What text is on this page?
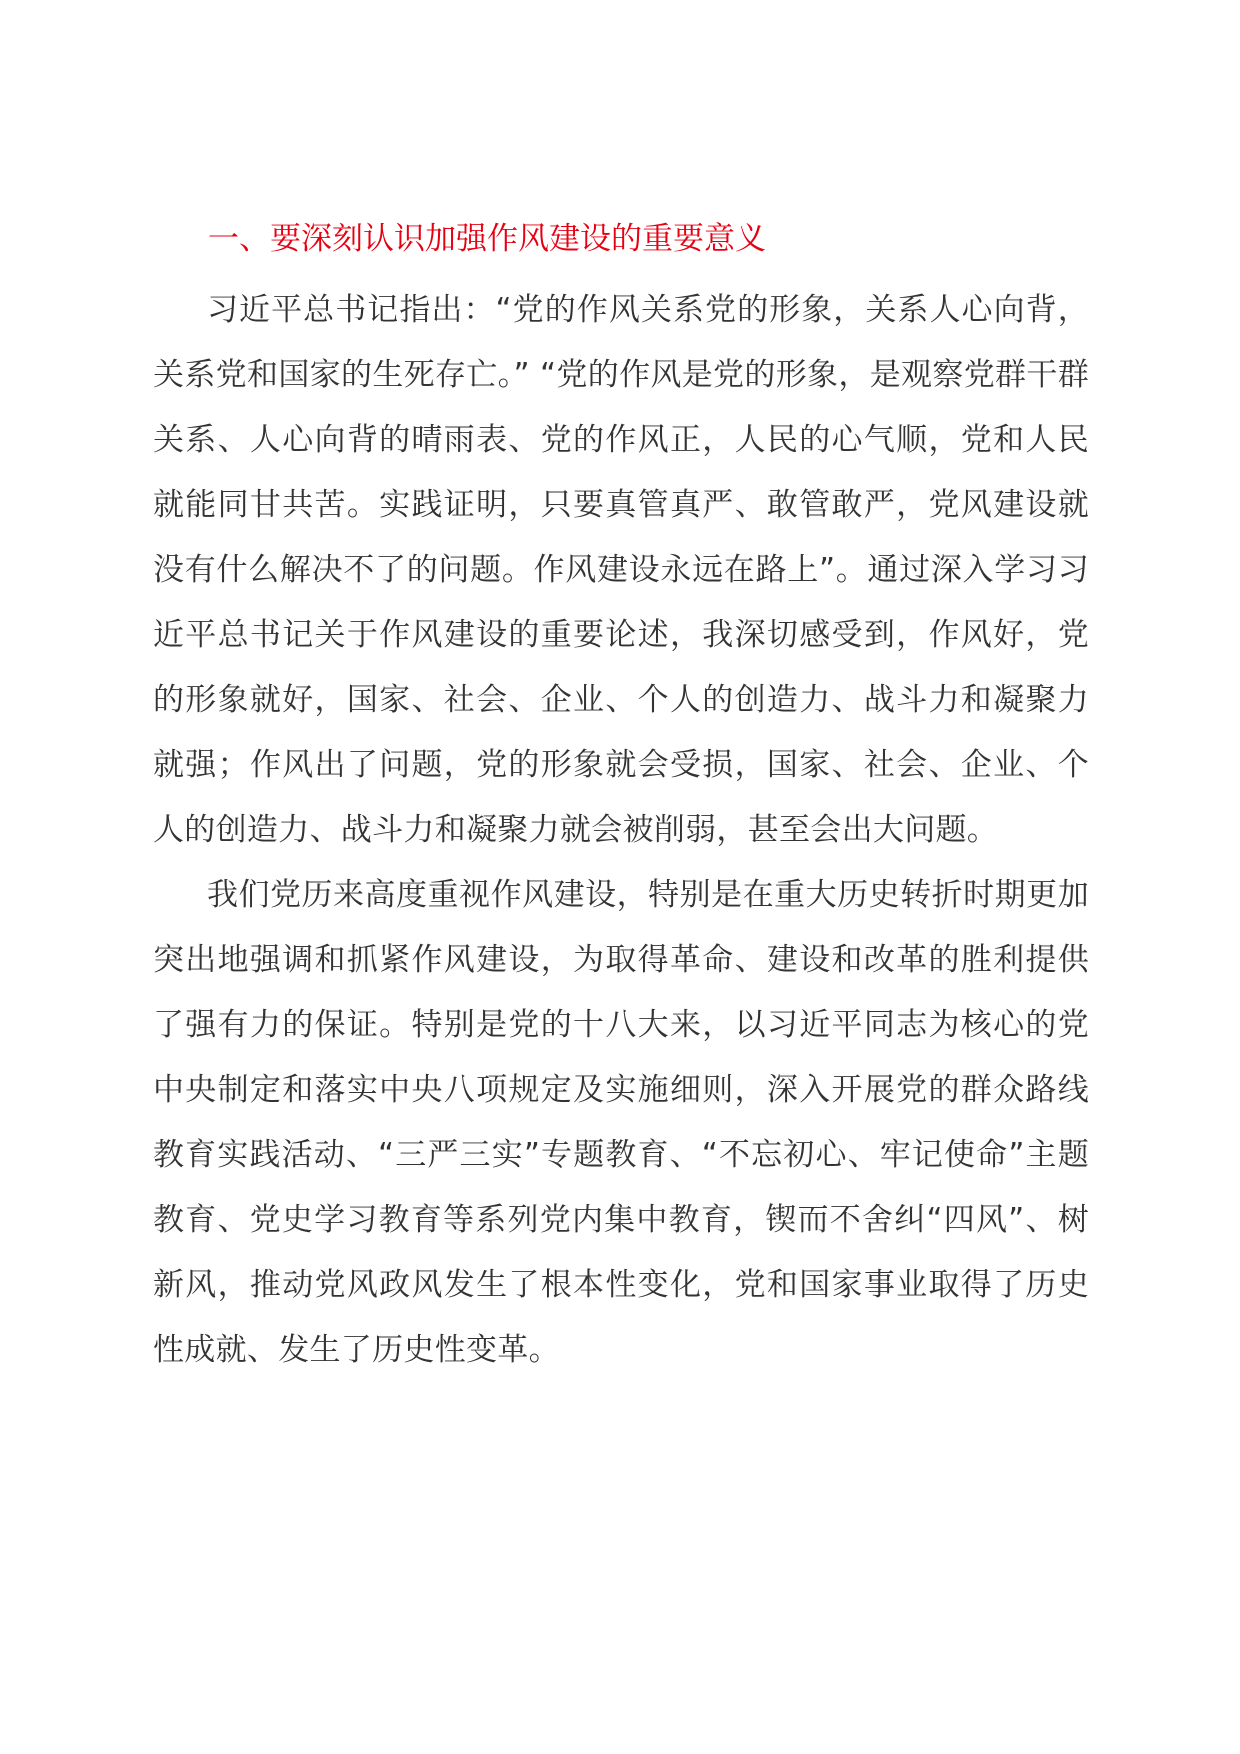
一、要深刻认识加强作风建设的重要意义

习近平总书记指出：“党的作风关系党的形象，关系人心向背，关系党和国家的生死存亡。” “党的作风是党的形象，是观察党群干群关系、人心向背的晴雨表、党的作风正，人民的心气顺，党和人民就能同甘共苦。实践证明，只要真管真严、敢管敢严，党风建设就没有什么解决不了的问题。作风建设永远在路上”。通过深入学习习近平总书记关于作风建设的重要论述，我深切感受到，作风好，党的形象就好，国家、社会、企业、个人的创造力、战斗力和凝聚力就强；作风出了问题，党的形象就会受损，国家、社会、企业、个人的创造力、战斗力和凝聚力就会被削弱，甚至会出大问题。

我们党历来高度重视作风建设，特别是在重大历史转折时期更加突出地强调和抓紧作风建设，为取得革命、建设和改革的胜利提供了强有力的保证。特别是党的十八大来，以习近平同志为核心的党中央制定和落实中央八项规定及实施细则，深入开展党的群众路线教育实践活动、“三严三实”专题教育、“不忘初心、牢记使命”主题教育、党史学习教育等系列党内集中教育，锲而不舍纠“四风”、树新风，推动党风政风发生了根本性变化，党和国家事业取得了历史性成就、发生了历史性变革。
